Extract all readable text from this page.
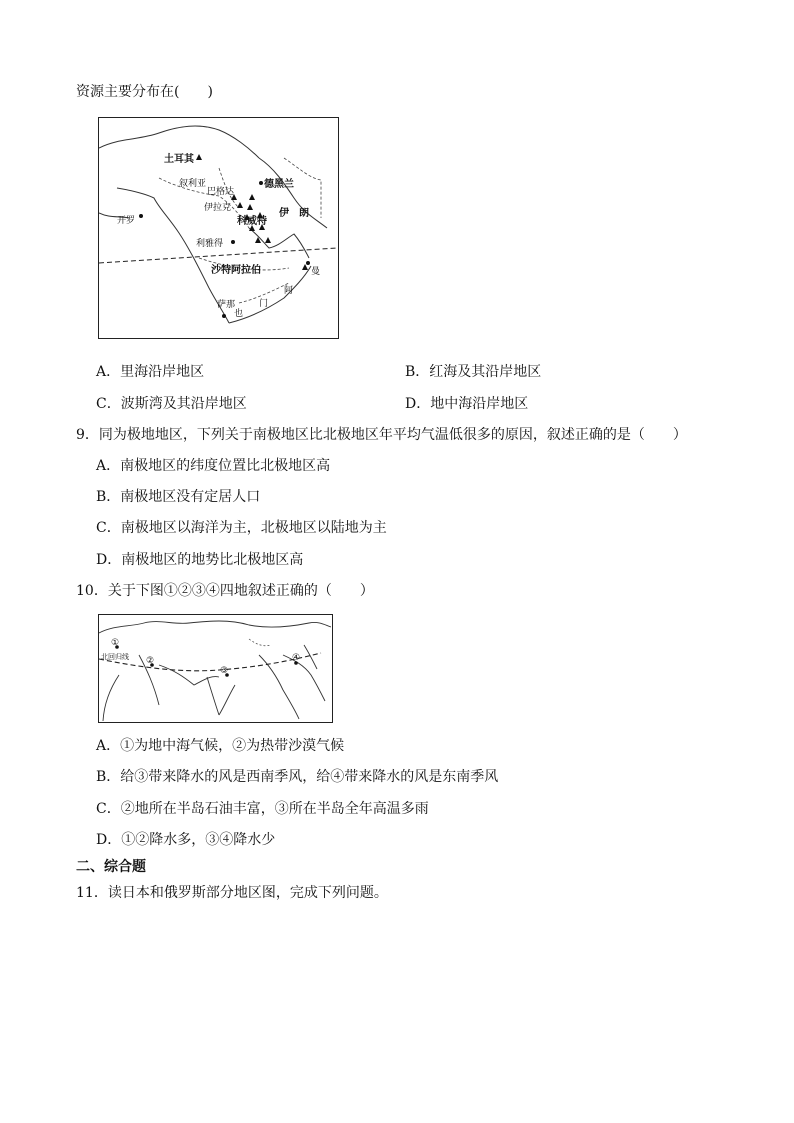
资源主要分布在(　　)
土耳其
叙利亚
巴格达
德黑兰
伊拉克	伊　朗
科威特
开罗
利雅得
沙特阿拉伯
也
门
阿
萨那
曼
A．里海沿岸地区	B．红海及其沿岸地区
C．波斯湾及其沿岸地区	D．地中海沿岸地区
9．同为极地地区，下列关于南极地区比北极地区年平均气温低很多的原因，叙述正确的是（　　）
A．南极地区的纬度位置比北极地区高
B．南极地区没有定居人口
C．南极地区以海洋为主，北极地区以陆地为主
D．南极地区的地势比北极地区高
10．关于下图①②③④四地叙述正确的（　　）
①
②
③
④
北回归线
A．①为地中海气候，②为热带沙漠气候
B．给③带来降水的风是西南季风，给④带来降水的风是东南季风
C．②地所在半岛石油丰富，③所在半岛全年高温多雨
D．①②降水多，③④降水少
二、综合题
11．读日本和俄罗斯部分地区图，完成下列问题。
